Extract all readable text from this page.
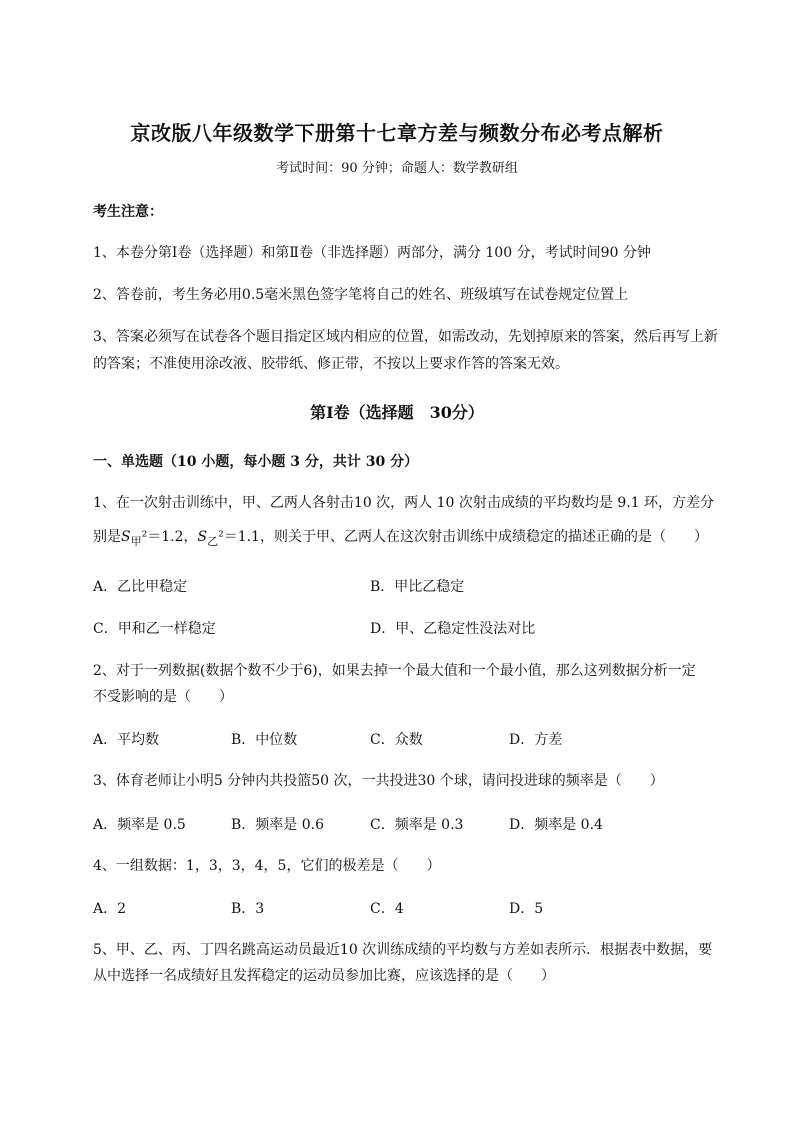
京改版八年级数学下册第十七章方差与频数分布必考点解析
考试时间：90 分钟；命题人：数学教研组
考生注意：
1、本卷分第Ⅰ卷（选择题）和第Ⅱ卷（非选择题）两部分，满分 100 分，考试时间90 分钟
2、答卷前，考生务必用0.5毫米黑色签字笔将自己的姓名、班级填写在试卷规定位置上
3、答案必须写在试卷各个题目指定区域内相应的位置，如需改动，先划掉原来的答案，然后再写上新
的答案；不准使用涂改液、胶带纸、修正带，不按以上要求作答的答案无效。
第Ⅰ卷（选择题　30分）
一、单选题（10 小题，每小题 3 分，共计 30 分）
1、在一次射击训练中，甲、乙两人各射击10 次，两人 10 次射击成绩的平均数均是 9.1 环，方差分
别是$S_甲^2=1.2$，$S_乙^2=1.1$，则关于甲、乙两人在这次射击训练中成绩稳定的描述正确的是（　　）
A．乙比甲稳定	B．甲比乙稳定
C．甲和乙一样稳定	D．甲、乙稳定性没法对比
2、对于一列数据(数据个数不少于6)，如果去掉一个最大值和一个最小值，那么这列数据分析一定
不受影响的是（　　）
A．平均数	B．中位数	C．众数	D．方差
3、体育老师让小明5 分钟内共投篮50 次，一共投进30 个球，请问投进球的频率是（　　）
A．频率是 0.5	B．频率是 0.6	C．频率是 0.3	D．频率是 0.4
4、一组数据：1，3，3，4，5，它们的极差是（　　）
A．2	B．3	C．4	D．5
5、甲、乙、丙、丁四名跳高运动员最近10 次训练成绩的平均数与方差如表所示．根据表中数据，要
从中选择一名成绩好且发挥稳定的运动员参加比赛，应该选择的是（　　）
